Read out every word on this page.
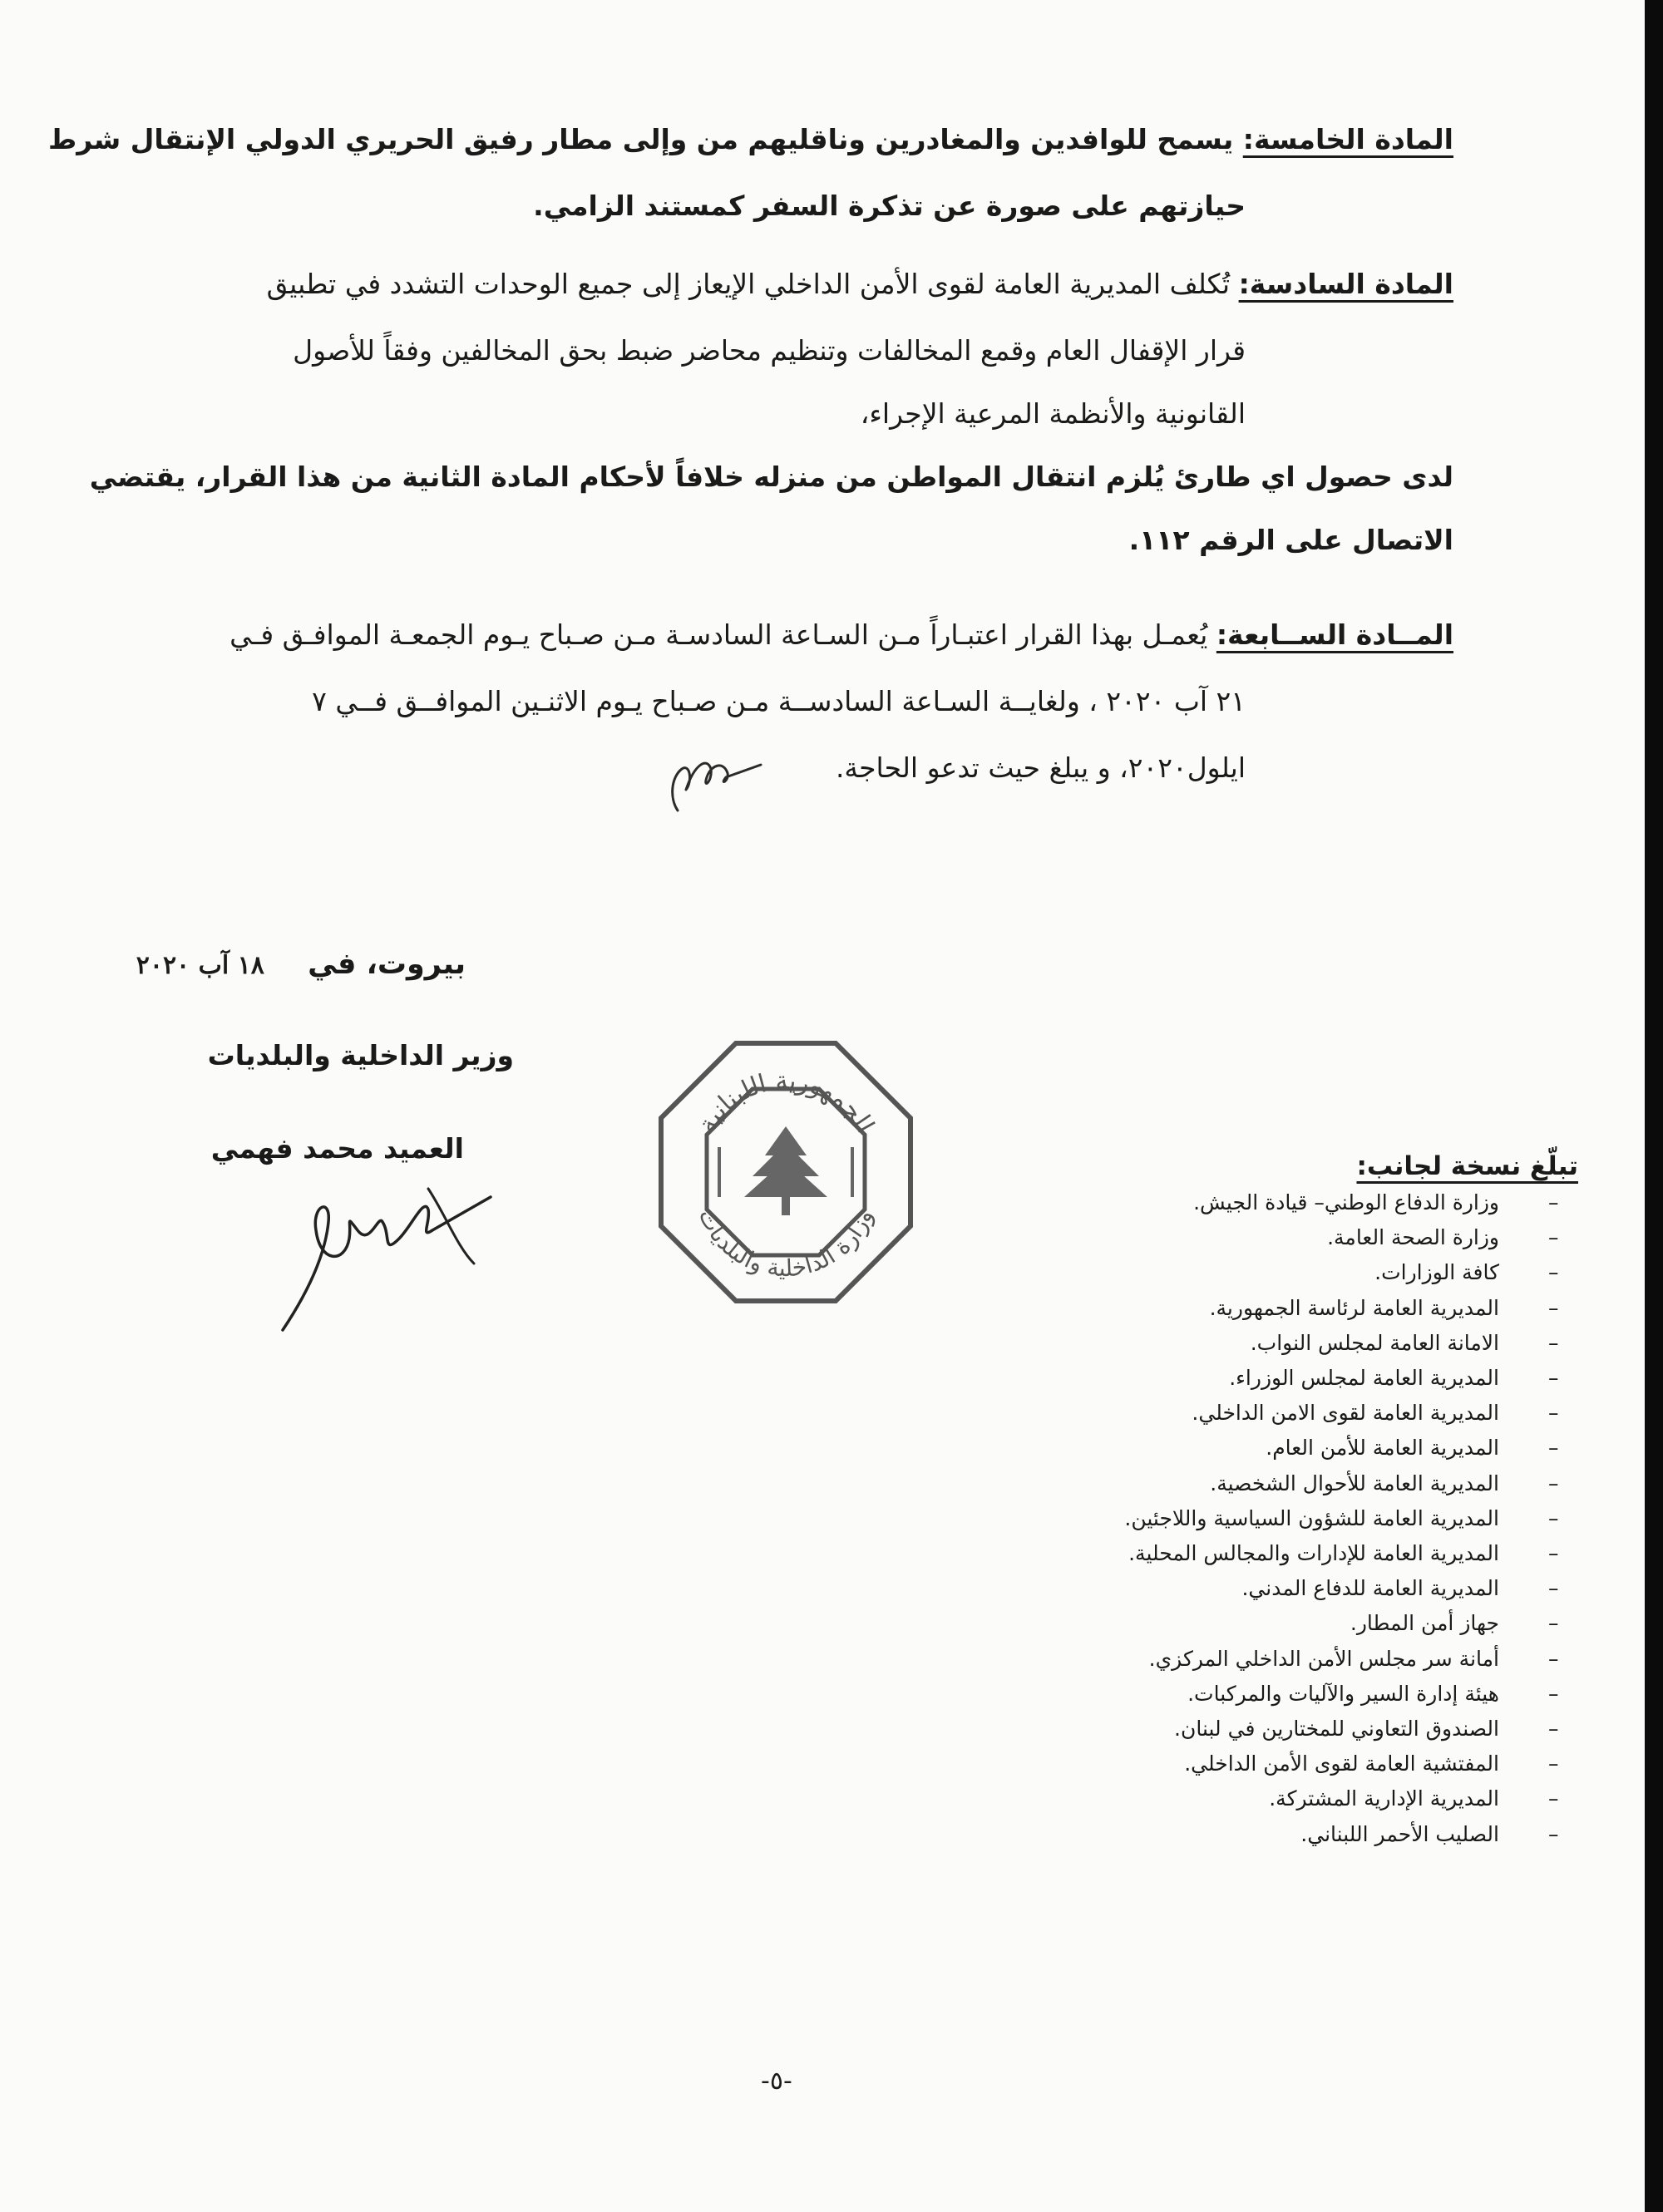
المادة الخامسة: يسمح للوافدين والمغادرين وناقليهم من وإلى مطار رفيق الحريري الدولي الإنتقال شرط
حيازتهم على صورة عن تذكرة السفر كمستند الزامي.
المادة السادسة: تُكلف المديرية العامة لقوى الأمن الداخلي الإيعاز إلى جميع الوحدات التشدد في تطبيق
قرار الإقفال العام وقمع المخالفات وتنظيم محاضر ضبط بحق المخالفين وفقاً للأصول
القانونية والأنظمة المرعية الإجراء،
لدى حصول اي طارئ يُلزم انتقال المواطن من منزله خلافاً لأحكام المادة الثانية من هذا القرار، يقتضي
الاتصال على الرقم ١١٢.
المــادة الســابعة: يُعمـل بهذا القرار اعتبـاراً مـن السـاعة السادسـة مـن صـباح يـوم الجمعـة الموافـق فـي
٢١ آب ٢٠٢٠ ، ولغايــة السـاعة السادســة مـن صـباح يـوم الاثنـين الموافــق فــي ٧
ايلول٢٠٢٠، و يبلغ حيث تدعو الحاجة.
بيروت، في ١٨ آب ٢٠٢٠
وزير الداخلية والبلديات
العميد محمد فهمي
الجمهورية اللبنانية
وزارة الداخلية والبلديات
تبلّغ نسخة لجانب:
وزارة الدفاع الوطني– قيادة الجيش. –
وزارة الصحة العامة. –
كافة الوزارات. –
المديرية العامة لرئاسة الجمهورية. –
الامانة العامة لمجلس النواب. –
المديرية العامة لمجلس الوزراء. –
المديرية العامة لقوى الامن الداخلي. –
المديرية العامة للأمن العام. –
المديرية العامة للأحوال الشخصية. –
المديرية العامة للشؤون السياسية واللاجئين. –
المديرية العامة للإدارات والمجالس المحلية. –
المديرية العامة للدفاع المدني. –
جهاز أمن المطار. –
أمانة سر مجلس الأمن الداخلي المركزي. –
هيئة إدارة السير والآليات والمركبات. –
الصندوق التعاوني للمختارين في لبنان. –
المفتشية العامة لقوى الأمن الداخلي. –
المديرية الإدارية المشتركة. –
الصليب الأحمر اللبناني. –
-٥-
